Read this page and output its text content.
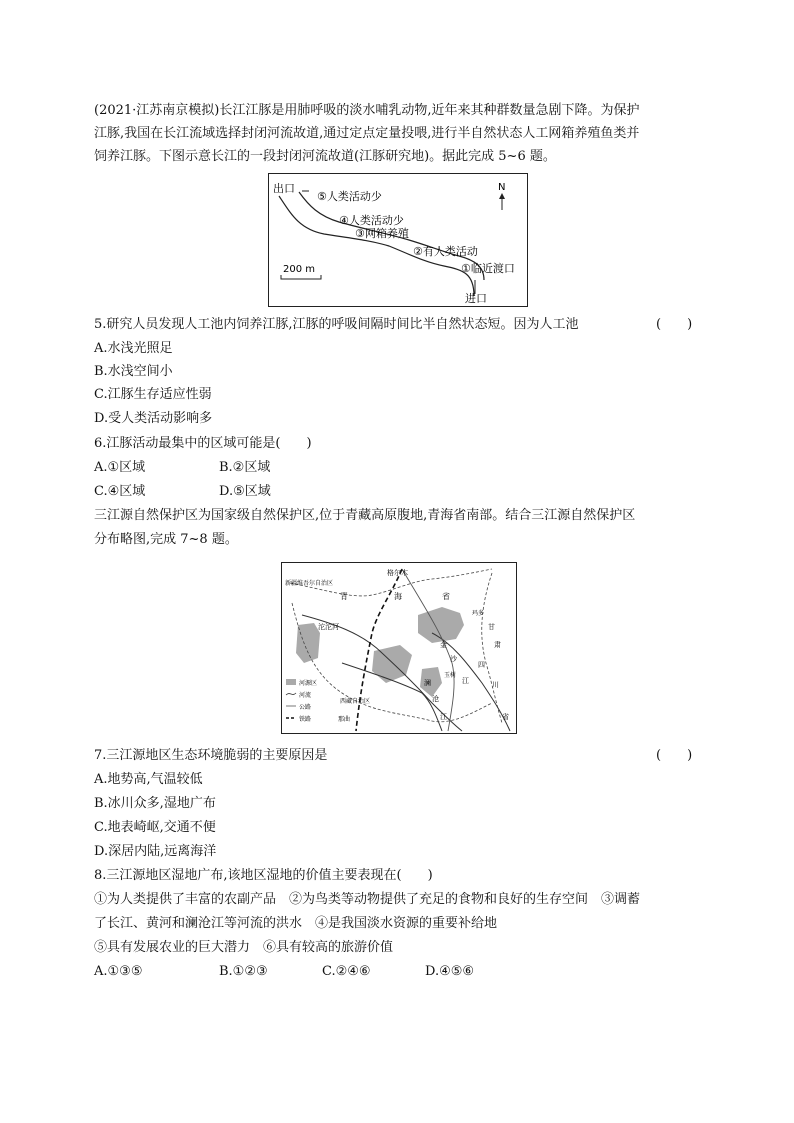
(2021·江苏南京模拟)长江江豚是用肺呼吸的淡水哺乳动物,近年来其种群数量急剧下降。为保护
江豚,我国在长江流域选择封闭河流故道,通过定点定量投喂,进行半自然状态人工网箱养殖鱼类并
饲养江豚。下图示意长江的一段封闭河流故道(江豚研究地)。据此完成 5~6 题。
出口
进口
⑤人类活动少
④人类活动少
③网箱养殖
②有人类活动
①临近渡口
N
200 m
5.研究人员发现人工池内饲养江豚,江豚的呼吸间隔时间比半自然状态短。因为人工池	(　　)
A.水浅光照足
B.水浅空间小
C.江豚生存适应性弱
D.受人类活动影响多
6.江豚活动最集中的区域可能是(　　)
A.①区域	B.②区域
C.④区域	D.⑤区域
三江源自然保护区为国家级自然保护区,位于青藏高原腹地,青海省南部。结合三江源自然保护区
分布略图,完成 7~8 题。
格尔木
新疆维吾尔自治区
青	海	省
玛多
沱沱河
玉树
西藏自治区
那曲
甘
肃
四
川
省
金
沙
江
澜
沧
江
河源区
河流
公路
铁路
7.三江源地区生态环境脆弱的主要原因是	(　　)
A.地势高,气温较低
B.冰川众多,湿地广布
C.地表崎岖,交通不便
D.深居内陆,远离海洋
8.三江源地区湿地广布,该地区湿地的价值主要表现在(　　)
①为人类提供了丰富的农副产品　②为鸟类等动物提供了充足的食物和良好的生存空间　③调蓄
了长江、黄河和澜沧江等河流的洪水　④是我国淡水资源的重要补给地
⑤具有发展农业的巨大潜力　⑥具有较高的旅游价值
A.①③⑤	B.①②③	C.②④⑥	D.④⑤⑥
